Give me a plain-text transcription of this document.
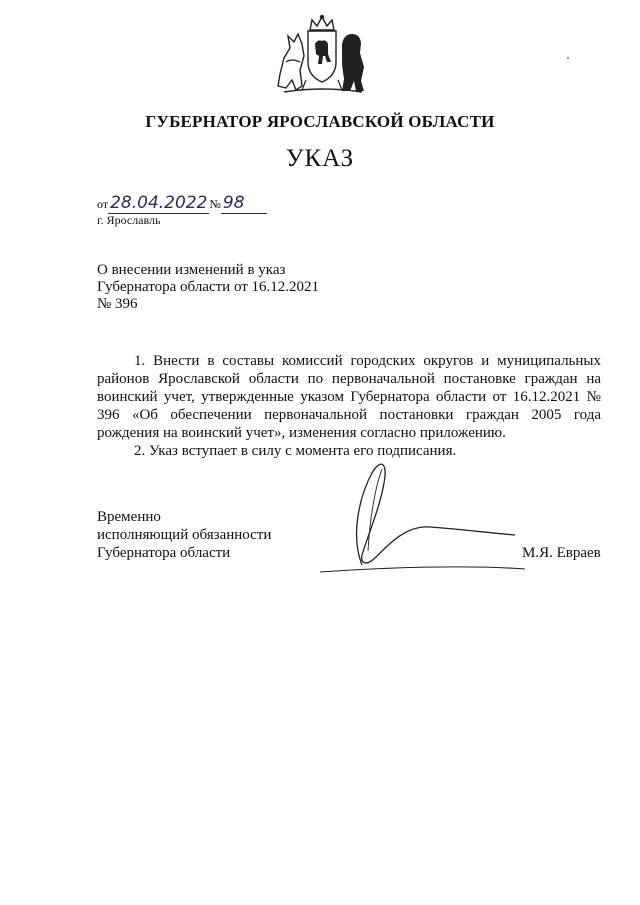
ГУБЕРНАТОР ЯРОСЛАВСКОЙ ОБЛАСТИ
УКАЗ
от 28.04.2022 № 98
г. Ярославль
О внесении изменений в указ
Губернатора области от 16.12.2021
№ 396

1. Внести в составы комиссий городских округов и муниципальных районов Ярославской области по первоначальной постановке граждан на воинский учет, утвержденные указом Губернатора области от 16.12.2021 № 396 «Об обеспечении первоначальной постановки граждан 2005 года рождения на воинский учет», изменения согласно приложению.

2. Указ вступает в силу с момента его подписания.

Временно
исполняющий обязанности
Губернатора области	М.Я. Евраев
